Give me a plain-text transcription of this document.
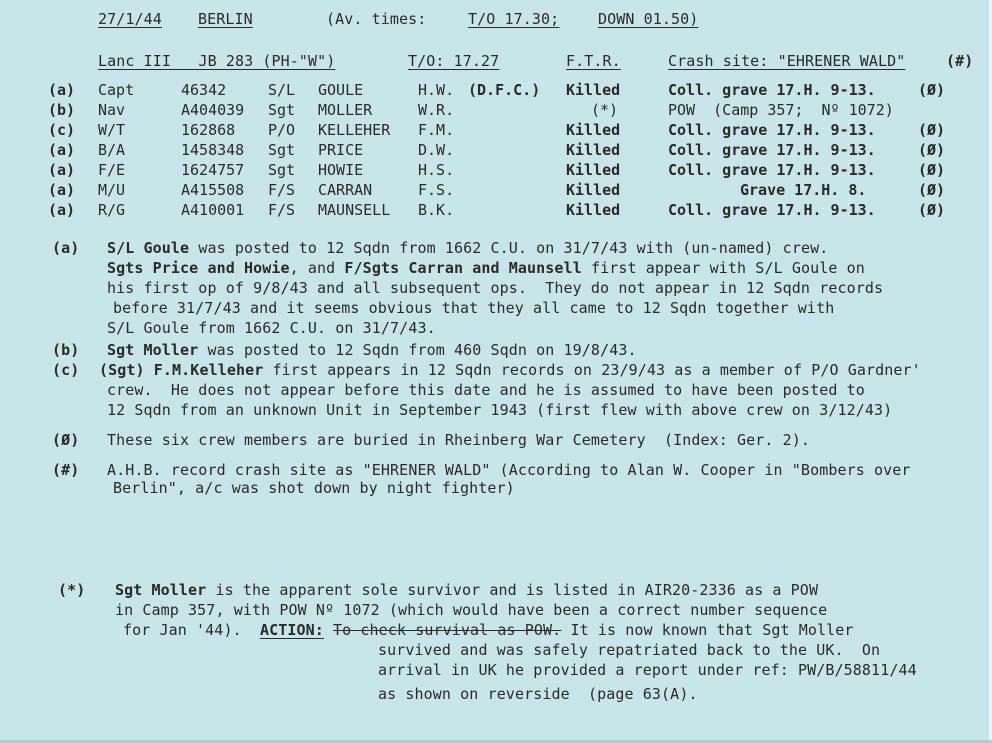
27/1/44 BERLIN	(Av. times:	T/O 17.30;	DOWN 01.50)
Lanc III   JB 283 (PH-"W")	T/O: 17.27	F.T.R.	Crash site: "EHRENER WALD"	(#)
(a) Capt	46342	S/L GOULE	H.W. (D.F.C.) Killed	Coll. grave 17.H. 9-13.	(Ø)
(b) Nav	A404039 Sgt MOLLER	W.R.	(*)	POW  (Camp 357;  Nº 1072)
(c) W/T	162868 P/O KELLEHER F.M.	Killed	Coll. grave 17.H. 9-13.	(Ø)
(a) B/A	1458348 Sgt PRICE	D.W.	Killed	Coll. grave 17.H. 9-13.	(Ø)
(a) F/E	1624757 Sgt HOWIE	H.S.	Killed	Coll. grave 17.H. 9-13.	(Ø)
(a) M/U	A415508 F/S CARRAN	F.S.	Killed	Grave 17.H. 8.	(Ø)
(a) R/G	A410001 F/S MAUNSELL B.K.	Killed	Coll. grave 17.H. 9-13.	(Ø)
(a) S/L Goule was posted to 12 Sqdn from 1662 C.U. on 31/7/43 with (un-named) crew.
Sgts Price and Howie, and F/Sgts Carran and Maunsell first appear with S/L Goule on
his first op of 9/8/43 and all subsequent ops.  They do not appear in 12 Sqdn records
before 31/7/43 and it seems obvious that they all came to 12 Sqdn together with
S/L Goule from 1662 C.U. on 31/7/43.
(b) Sgt Moller was posted to 12 Sqdn from 460 Sqdn on 19/8/43.
(c) (Sgt) F.M.Kelleher first appears in 12 Sqdn records on 23/9/43 as a member of P/O Gardner'
crew.  He does not appear before this date and he is assumed to have been posted to
12 Sqdn from an unknown Unit in September 1943 (first flew with above crew on 3/12/43)
(Ø) These six crew members are buried in Rheinberg War Cemetery  (Index: Ger. 2).
(#) A.H.B. record crash site as "EHRENER WALD" (According to Alan W. Cooper in "Bombers over
Berlin", a/c was shot down by night fighter)
(*) Sgt Moller is the apparent sole survivor and is listed in AIR20-2336 as a POW
in Camp 357, with POW Nº 1072 (which would have been a correct number sequence
for Jan '44).  ACTION: To check survival as POW. It is now known that Sgt Moller
survived and was safely repatriated back to the UK.  On
arrival in UK he provided a report under ref: PW/B/58811/44
as shown on reverside  (page 63(A).
